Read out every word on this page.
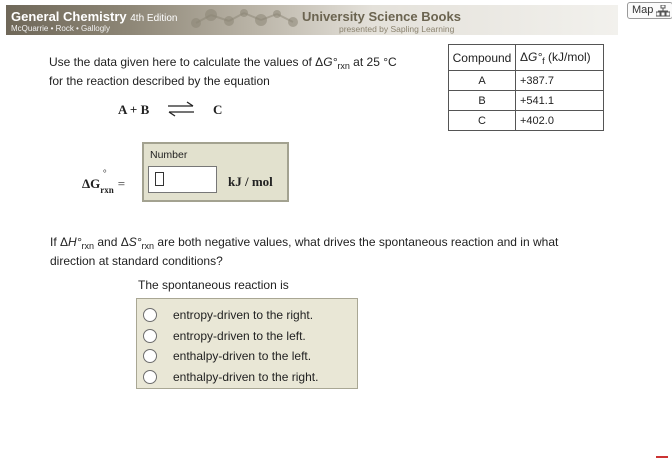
General Chemistry 4th Edition
McQuarrie • Rock • Gallogly
University Science Books
presented by Sapling Learning
Map
Use the data given here to calculate the values of $\Delta G^\circ_{rxn}$ at 25 °C
for the reaction described by the equation
A + B ⇌ C
Compound	$\Delta G^\circ_f$ (kJ/mol)
A	+387.7
B	+541.1
C	+402.0
ΔG
°
$_{rxn}$ =
Number
kJ / mol
If $\Delta H^\circ_{rxn}$ and $\Delta S^\circ_{rxn}$ are both negative values, what drives the spontaneous reaction and in what
direction at standard conditions?
The spontaneous reaction is
entropy-driven to the right.
entropy-driven to the left.
enthalpy-driven to the left.
enthalpy-driven to the right.
